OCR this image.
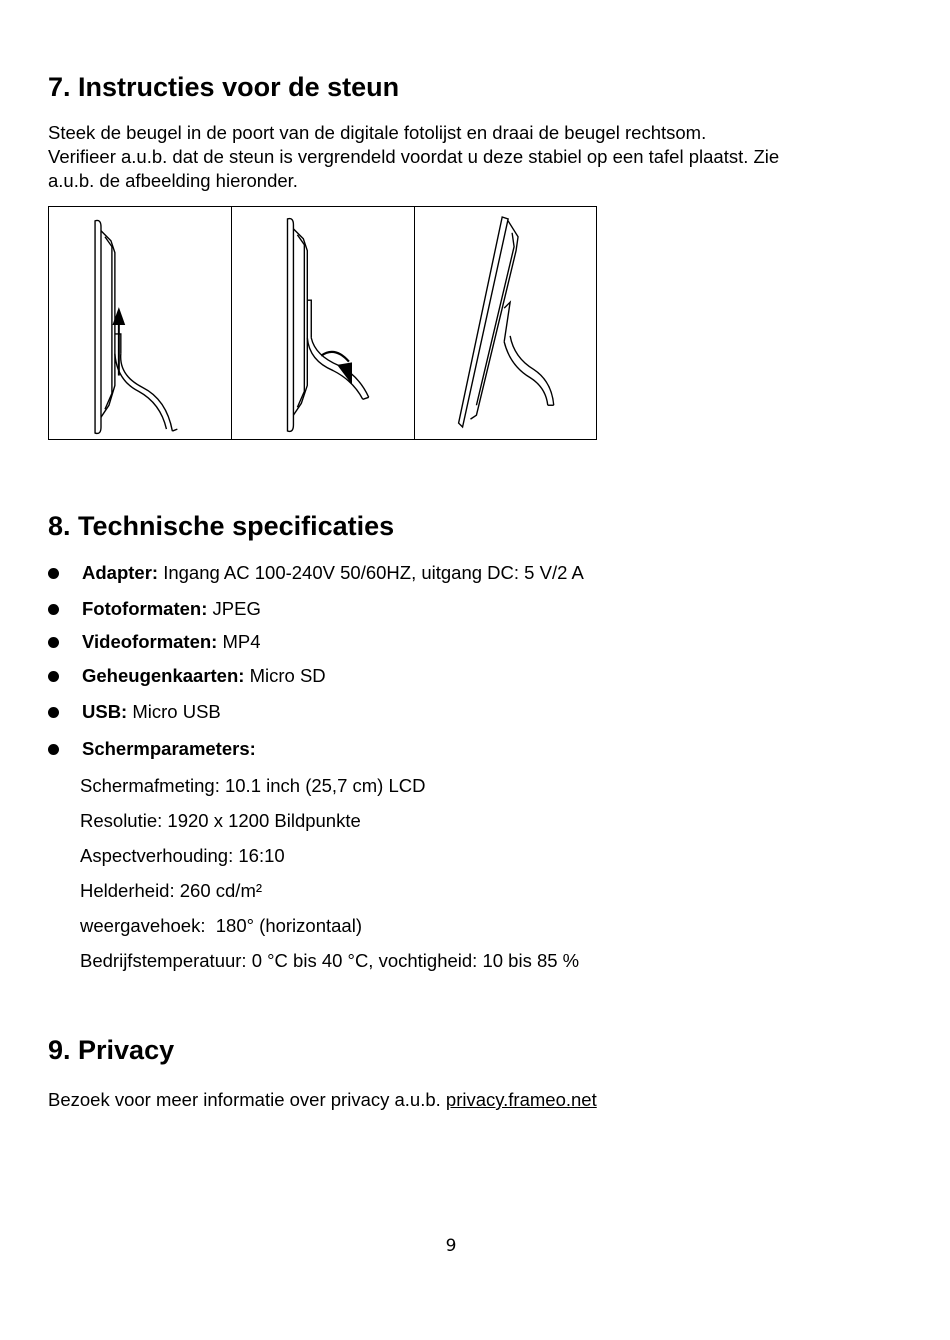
7. Instructies voor de steun
Steek de beugel in de poort van de digitale fotolijst en draai de beugel rechtsom.
Verifieer a.u.b. dat de steun is vergrendeld voordat u deze stabiel op een tafel plaatst. Zie
a.u.b. de afbeelding hieronder.
8. Technische specificaties
Adapter: Ingang AC 100-240V 50/60HZ, uitgang DC: 5 V/2 A
Fotoformaten: JPEG
Videoformaten: MP4
Geheugenkaarten: Micro SD
USB: Micro USB
Schermparameters:
Schermafmeting: 10.1 inch (25,7 cm) LCD
Resolutie: 1920 x 1200 Bildpunkte
Aspectverhouding: 16:10
Helderheid: 260 cd/m²
weergavehoek:  180° (horizontaal)
Bedrijfstemperatuur: 0 °C bis 40 °C, vochtigheid: 10 bis 85 %
9. Privacy
Bezoek voor meer informatie over privacy a.u.b. privacy.frameo.net
9
